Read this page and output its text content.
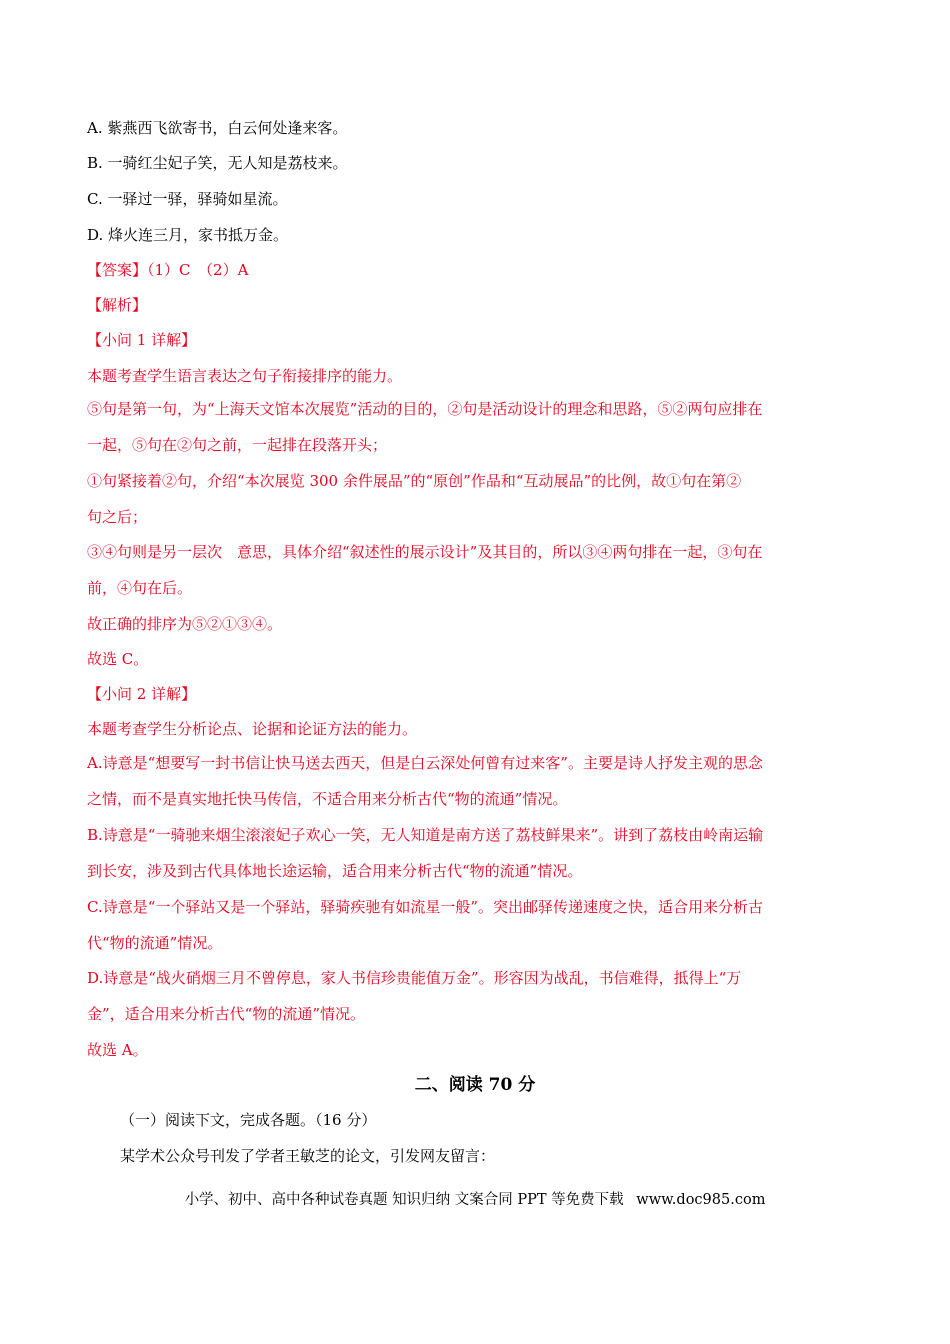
A. 紫燕西飞欲寄书，白云何处逢来客。
B. 一骑红尘妃子笑，无人知是荔枝来。
C. 一驿过一驿，驿骑如星流。
D. 烽火连三月，家书抵万金。
【答案】（1）C　（2）A
【解析】
【小问 1 详解】
本题考查学生语言表达之句子衔接排序的能力。
⑤句是第一句，为“上海天文馆本次展览”活动的目的，②句是活动设计的理念和思路，⑤②两句应排在
一起，⑤句在②句之前，一起排在段落开头；
①句紧接着②句，介绍“本次展览 300 余件展品”的“原创”作品和“互动展品”的比例，故①句在第②
句之后；
③④句则是另一层次　意思，具体介绍“叙述性的展示设计”及其目的，所以③④两句排在一起，③句在
前，④句在后。
故正确的排序为⑤②①③④。
故选 C。
【小问 2 详解】
本题考查学生分析论点、论据和论证方法的能力。
A.诗意是“想要写一封书信让快马送去西天，但是白云深处何曾有过来客”。主要是诗人抒发主观的思念
之情，而不是真实地托快马传信，不适合用来分析古代“物的流通”情况。
B.诗意是“一骑驰来烟尘滚滚妃子欢心一笑，无人知道是南方送了荔枝鲜果来”。讲到了荔枝由岭南运输
到长安，涉及到古代具体地长途运输，适合用来分析古代“物的流通”情况。
C.诗意是“一个驿站又是一个驿站，驿骑疾驰有如流星一般”。突出邮驿传递速度之快，适合用来分析古
代“物的流通”情况。
D.诗意是“战火硝烟三月不曾停息，家人书信珍贵能值万金”。形容因为战乱，书信难得，抵得上“万
金”，适合用来分析古代“物的流通”情况。
故选 A。
二、阅读 70 分
（一）阅读下文，完成各题。（16 分）
某学术公众号刊发了学者王敏芝的论文，引发网友留言：
小学、初中、高中各种试卷真题 知识归纳 文案合同 PPT 等免费下载 www.doc985.com
